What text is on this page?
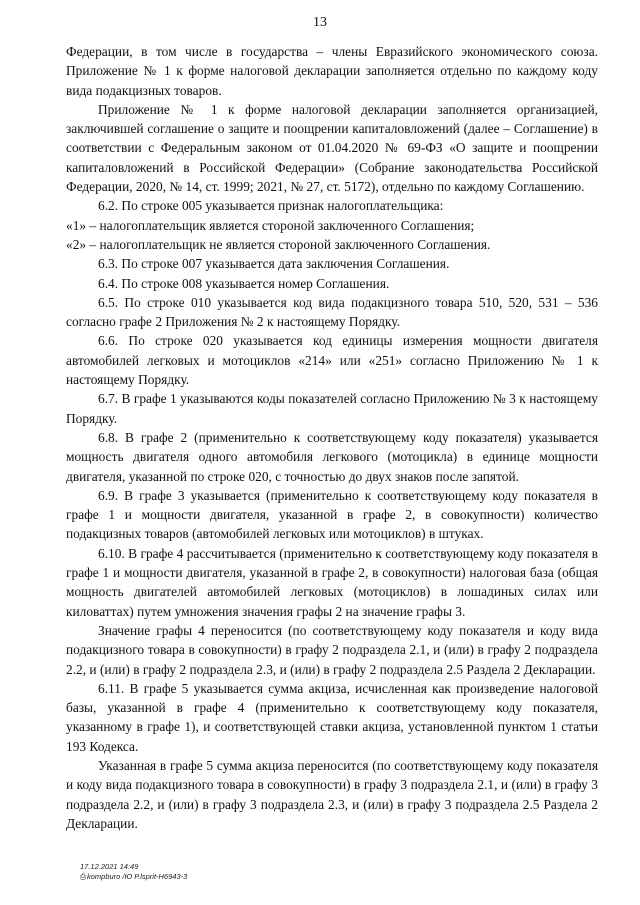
13

Федерации, в том числе в государства – члены Евразийского экономического союза. Приложение № 1 к форме налоговой декларации заполняется отдельно по каждому коду вида подакцизных товаров.

Приложение № 1 к форме налоговой декларации заполняется организацией, заключившей соглашение о защите и поощрении капиталовложений (далее – Соглашение) в соответствии с Федеральным законом от 01.04.2020 № 69-ФЗ «О защите и поощрении капиталовложений в Российской Федерации» (Собрание законодательства Российской Федерации, 2020, № 14, ст. 1999; 2021, № 27, ст. 5172), отдельно по каждому Соглашению.

6.2. По строке 005 указывается признак налогоплательщика:
«1» – налогоплательщик является стороной заключенного Соглашения;
«2» – налогоплательщик не является стороной заключенного Соглашения.

6.3. По строке 007 указывается дата заключения Соглашения.

6.4. По строке 008 указывается номер Соглашения.

6.5. По строке 010 указывается код вида подакцизного товара 510, 520, 531 – 536 согласно графе 2 Приложения № 2 к настоящему Порядку.

6.6. По строке 020 указывается код единицы измерения мощности двигателя автомобилей легковых и мотоциклов «214» или «251» согласно Приложению № 1 к настоящему Порядку.

6.7. В графе 1 указываются коды показателей согласно Приложению № 3 к настоящему Порядку.

6.8. В графе 2 (применительно к соответствующему коду показателя) указывается мощность двигателя одного автомобиля легкового (мотоцикла) в единице мощности двигателя, указанной по строке 020, с точностью до двух знаков после запятой.

6.9. В графе 3 указывается (применительно к соответствующему коду показателя в графе 1 и мощности двигателя, указанной в графе 2, в совокупности) количество подакцизных товаров (автомобилей легковых или мотоциклов) в штуках.

6.10. В графе 4 рассчитывается (применительно к соответствующему коду показателя в графе 1 и мощности двигателя, указанной в графе 2, в совокупности) налоговая база (общая мощность двигателей автомобилей легковых (мотоциклов) в лошадиных силах или киловаттах) путем умножения значения графы 2 на значение графы 3.

Значение графы 4 переносится (по соответствующему коду показателя и коду вида подакцизного товара в совокупности) в графу 2 подраздела 2.1, и (или) в графу 2 подраздела 2.2, и (или) в графу 2 подраздела 2.3, и (или) в графу 2 подраздела 2.5 Раздела 2 Декларации.

6.11. В графе 5 указывается сумма акциза, исчисленная как произведение налоговой базы, указанной в графе 4 (применительно к соответствующему коду показателя, указанному в графе 1), и соответствующей ставки акциза, установленной пунктом 1 статьи 193 Кодекса.

Указанная в графе 5 сумма акциза переносится (по соответствующему коду показателя и коду вида подакцизного товара в совокупности) в графу 3 подраздела 2.1, и (или) в графу 3 подраздела 2.2, и (или) в графу 3 подраздела 2.3, и (или) в графу 3 подраздела 2.5 Раздела 2 Декларации.

17.12.2021 14:49
⎙kompburo /Ю Р.lsprit-H6943-3
